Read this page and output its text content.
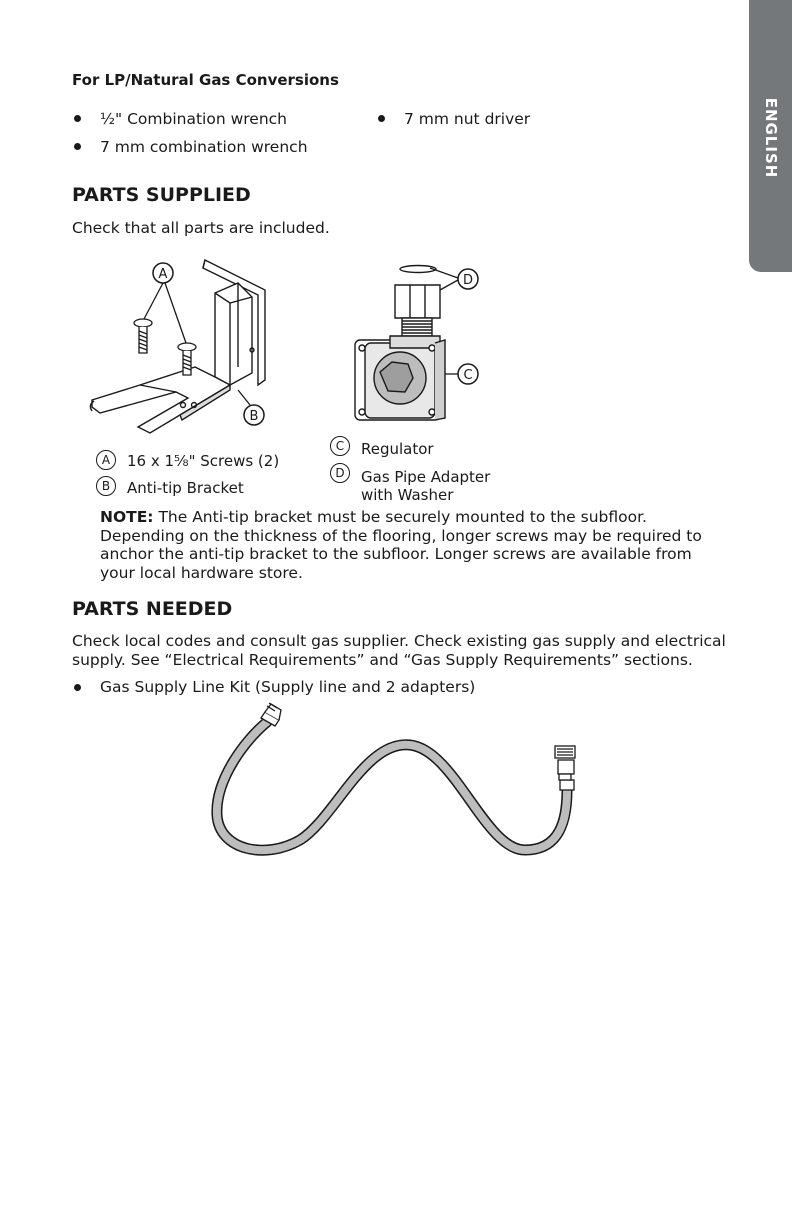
ENGLISH
For LP/Natural Gas Conversions
½" Combination wrench
7 mm combination wrench
7 mm nut driver
PARTS SUPPLIED
Check that all parts are included.
A
B
D
C
A	16 x 1⅝" Screws (2)
B	Anti-tip Bracket
C	Regulator
D	Gas Pipe Adapter
with Washer
NOTE: The Anti-tip bracket must be securely mounted to the subfloor. Depending on the thickness of the flooring, longer screws may be required to anchor the anti-tip bracket to the subfloor. Longer screws are available from your local hardware store.
PARTS NEEDED
Check local codes and consult gas supplier. Check existing gas supply and electrical supply. See “Electrical Requirements” and “Gas Supply Requirements” sections.
Gas Supply Line Kit (Supply line and 2 adapters)
